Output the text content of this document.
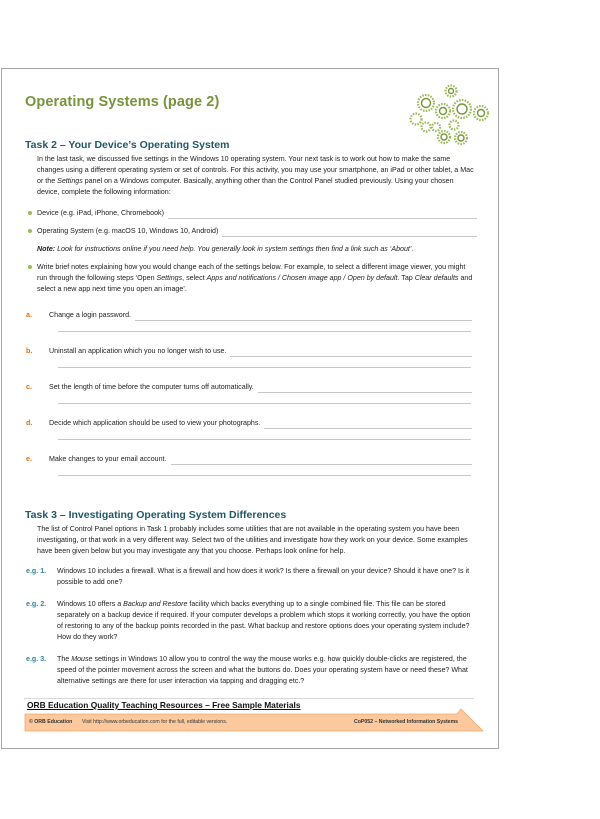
Operating Systems (page 2)
Task 2 – Your Device’s Operating System
In the last task, we discussed five settings in the Windows 10 operating system. Your next task is to work out how to make the same changes using a different operating system or set of controls. For this activity, you may use your smartphone, an iPad or other tablet, a Mac or the Settings panel on a Windows computer. Basically, anything other than the Control Panel studied previously. Using your chosen device, complete the following information:
Device (e.g. iPad, iPhone, Chromebook)
Operating System (e.g. macOS 10, Windows 10, Android)
Note: Look for instructions online if you need help. You generally look in system settings then find a link such as ‘About’.
Write brief notes explaining how you would change each of the settings below. For example, to select a different image viewer, you might run through the following steps ‘Open Settings, select Apps and notifications / Chosen image app / Open by default. Tap Clear defaults and select a new app next time you open an image’.
a.	Change a login password.
b.	Uninstall an application which you no longer wish to use.
c.	Set the length of time before the computer turns off automatically.
d.	Decide which application should be used to view your photographs.
e.	Make changes to your email account.
Task 3 – Investigating Operating System Differences
The list of Control Panel options in Task 1 probably includes some utilities that are not available in the operating system you have been investigating, or that work in a very different way. Select two of the utilities and investigate how they work on your device. Some examples have been given below but you may investigate any that you choose. Perhaps look online for help.
e.g. 1. Windows 10 includes a firewall. What is a firewall and how does it work? Is there a firewall on your device? Should it have one? Is it possible to add one?
e.g. 2. Windows 10 offers a Backup and Restore facility which backs everything up to a single combined file. This file can be stored separately on a backup device if required. If your computer develops a problem which stops it working correctly, you have the option of restoring to any of the backup points recorded in the past. What backup and restore options does your operating system include? How do they work?
e.g. 3. The Mouse settings in Windows 10 allow you to control the way the mouse works e.g. how quickly double-clicks are registered, the speed of the pointer movement across the screen and what the buttons do. Does your operating system have or need these? What alternative settings are there for user interaction via tapping and dragging etc.?
ORB Education Quality Teaching Resources – Free Sample Materials
© ORB Education Visit http://www.orbeducation.com for the full, editable versions.	CoP052 – Networked Information Systems
